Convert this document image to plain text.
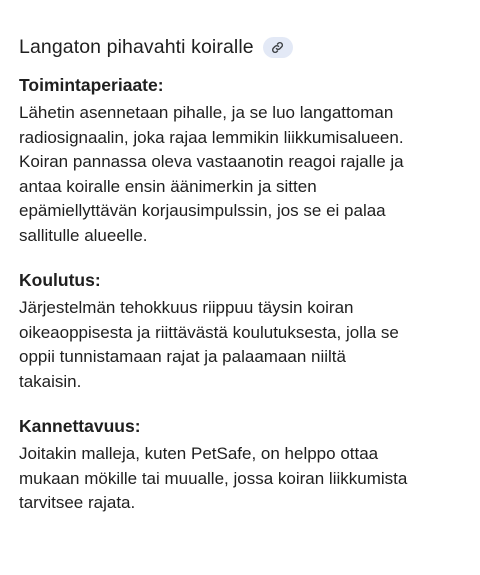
Langaton pihavahti koiralle

Toimintaperiaate:

Lähetin asennetaan pihalle, ja se luo langattoman
radiosignaalin, joka rajaa lemmikin liikkumisalueen.
Koiran pannassa oleva vastaanotin reagoi rajalle ja
antaa koiralle ensin äänimerkin ja sitten
epämiellyttävän korjausimpulssin, jos se ei palaa
sallitulle alueelle.

Koulutus:

Järjestelmän tehokkuus riippuu täysin koiran
oikeaoppisesta ja riittävästä koulutuksesta, jolla se
oppii tunnistamaan rajat ja palaamaan niiltä
takaisin.

Kannettavuus:

Joitakin malleja, kuten PetSafe, on helppo ottaa
mukaan mökille tai muualle, jossa koiran liikkumista
tarvitsee rajata.
